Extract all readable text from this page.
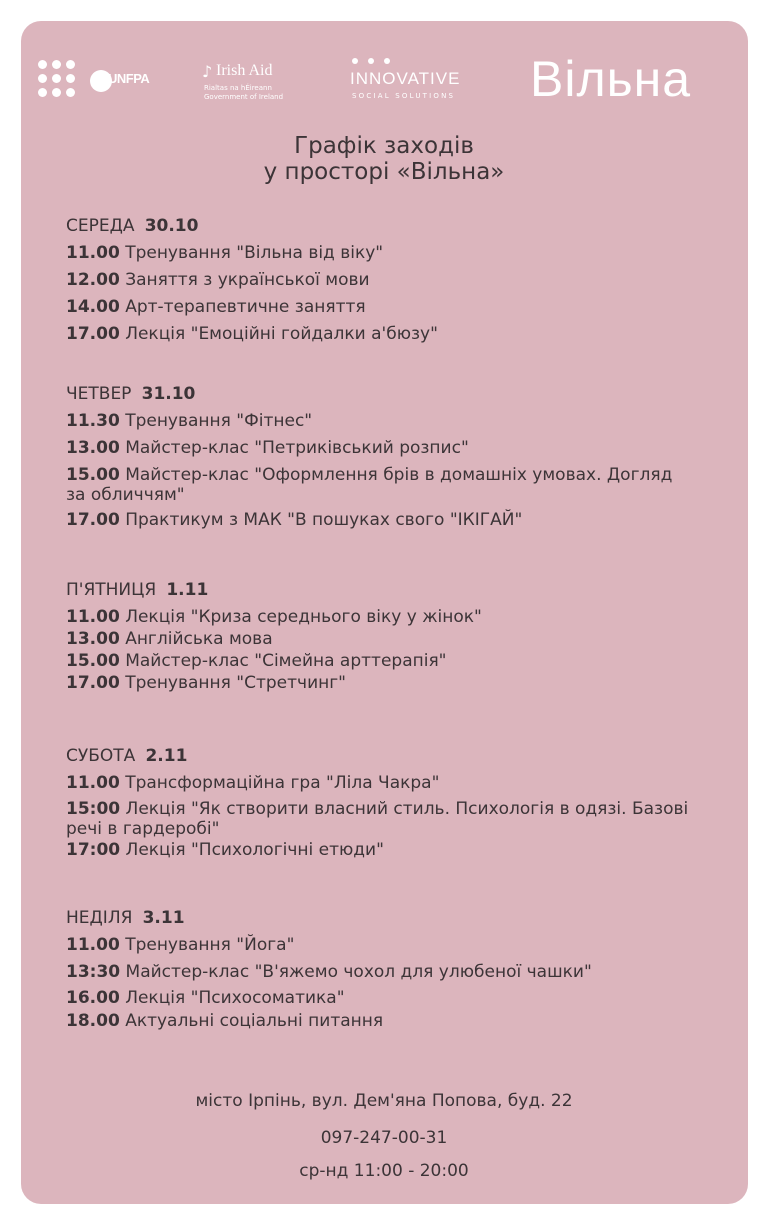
UNFPA	♪ Irish Aid
Rialtas na hÉireann
Government of Ireland
INNOVATIVE
SOCIAL SOLUTIONS Вільна
Графік заходів
у просторі «Вільна»
СЕРЕДА 30.10
11.00 Тренування "Вільна від віку"
12.00 Заняття з української мови
14.00 Арт-терапевтичне заняття
17.00 Лекція "Емоційні гойдалки а'бюзу"
ЧЕТВЕР 31.10
11.30 Тренування "Фітнес"
13.00 Майстер-клас "Петриківський розпис"
15.00 Майстер-клас "Оформлення брів в домашніх умовах. Догляд за обличчям"
17.00 Практикум з МАК "В пошуках свого "ІКІГАЙ"
П'ЯТНИЦЯ 1.11
11.00 Лекція "Криза середнього віку у жінок"
13.00 Англійська мова
15.00 Майстер-клас "Сімейна арттерапія"
17.00 Тренування "Стретчинг"
СУБОТА 2.11
11.00 Трансформаційна гра "Ліла Чакра"
15:00 Лекція "Як створити власний стиль. Психологія в одязі. Базові речі в гардеробі"
17:00 Лекція "Психологічні етюди"
НЕДІЛЯ 3.11
11.00 Тренування "Йога"
13:30 Майстер-клас "В'яжемо чохол для улюбеної чашки"
16.00 Лекція "Психосоматика"
18.00 Актуальні соціальні питання
місто Ірпінь, вул. Дем'яна Попова, буд. 22
097-247-00-31
ср-нд 11:00 - 20:00
